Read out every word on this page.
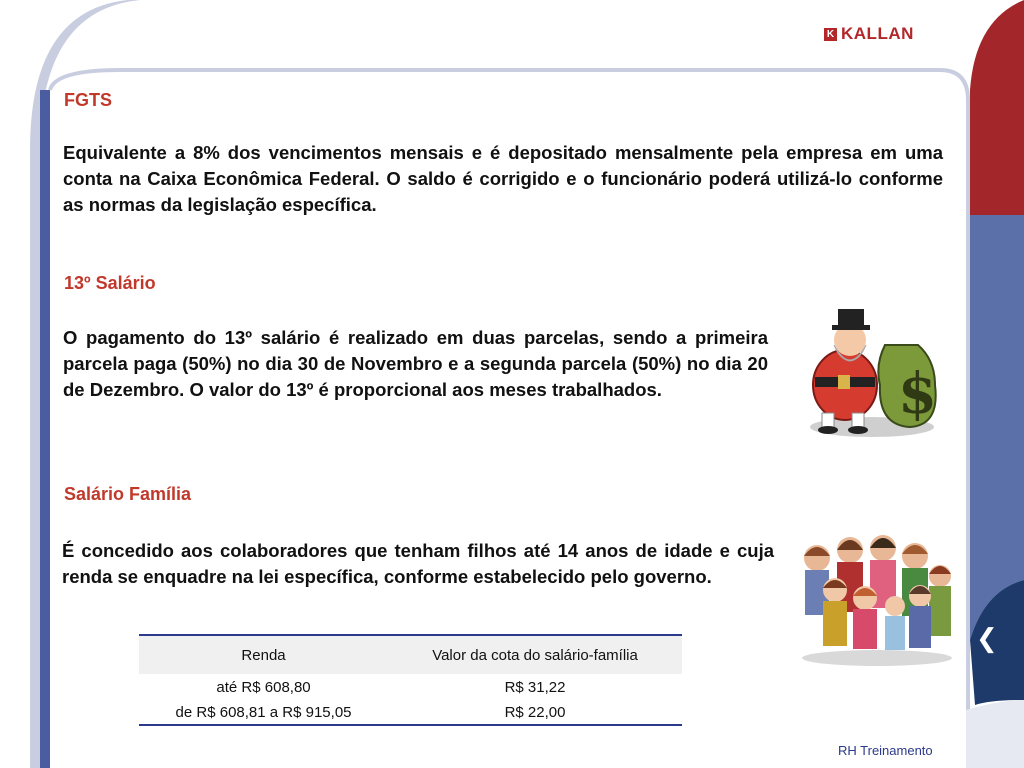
K KALLAN
FGTS
Equivalente a 8% dos vencimentos mensais e é depositado mensalmente pela empresa em uma conta na Caixa Econômica Federal. O saldo é corrigido e o funcionário poderá utilizá-lo conforme as normas da legislação específica.
13º Salário
O pagamento do 13º salário é realizado em duas parcelas, sendo a primeira parcela paga (50%) no dia 30 de Novembro e a segunda parcela (50%) no dia 20 de Dezembro. O valor do 13º é proporcional aos meses trabalhados.	$
Salário Família
É concedido aos colaboradores que tenham filhos até 14 anos de idade e cuja renda se enquadre na lei específica, conforme estabelecido pelo governo.
Renda	Valor da cota do salário-família
até R$ 608,80	R$ 31,22
de R$ 608,81 a R$ 915,05	R$ 22,00
❮
RH Treinamento
